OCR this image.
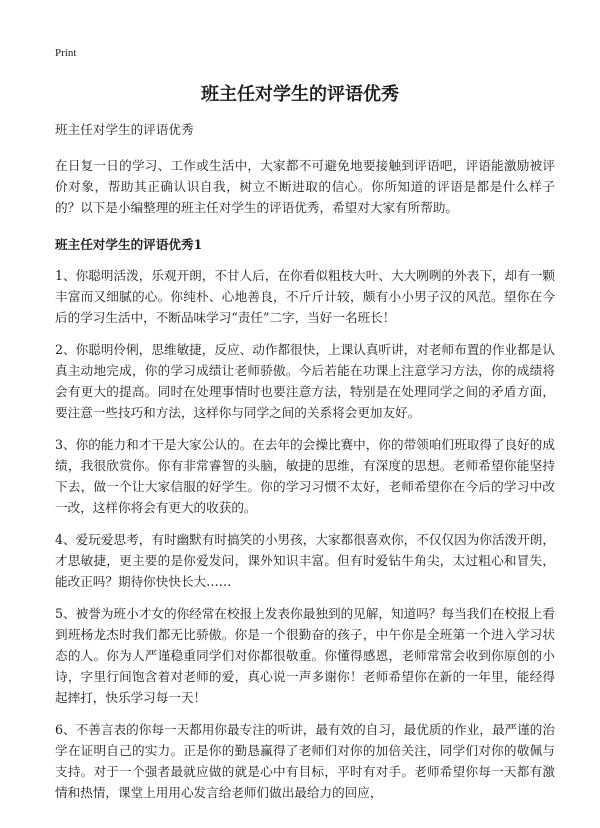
Print
班主任对学生的评语优秀

班主任对学生的评语优秀

在日复一日的学习、工作或生活中，大家都不可避免地要接触到评语吧，评语能激励被评价对象，帮助其正确认识自我，树立不断进取的信心。你所知道的评语是都是什么样子的？以下是小编整理的班主任对学生的评语优秀，希望对大家有所帮助。

班主任对学生的评语优秀1

1、你聪明活泼，乐观开朗，不甘人后，在你看似粗枝大叶、大大咧咧的外表下，却有一颗丰富而又细腻的心。你纯朴、心地善良，不斤斤计较，颇有小小男子汉的风范。望你在今后的学习生活中，不断品味学习“责任”二字，当好一名班长！

2、你聪明伶俐，思维敏捷，反应、动作都很快，上课认真听讲，对老师布置的作业都是认真主动地完成，你的学习成绩让老师骄傲。今后若能在功课上注意学习方法，你的成绩将会有更大的提高。同时在处理事情时也要注意方法，特别是在处理同学之间的矛盾方面，要注意一些技巧和方法，这样你与同学之间的关系将会更加友好。

3、你的能力和才干是大家公认的。在去年的会操比赛中，你的带领咱们班取得了良好的成绩，我很欣赏你。你有非常睿智的头脑，敏捷的思维，有深度的思想。老师希望你能坚持下去，做一个让大家信服的好学生。你的学习习惯不太好，老师希望你在今后的学习中改一改，这样你将会有更大的收获的。

4、爱玩爱思考，有时幽默有时搞笑的小男孩，大家都很喜欢你，不仅仅因为你活泼开朗，才思敏捷，更主要的是你爱发问，课外知识丰富。但有时爱钻牛角尖，太过粗心和冒失，能改正吗？期待你快快长大……

5、被誉为班小才女的你经常在校报上发表你最独到的见解，知道吗？每当我们在校报上看到班杨龙杰时我们都无比骄傲。你是一个很勤奋的孩子，中午你是全班第一个进入学习状态的人。你为人严谨稳重同学们对你都很敬重。你懂得感恩，老师常常会收到你原创的小诗，字里行间饱含着对老师的爱，真心说一声多谢你！老师希望你在新的一年里，能经得起摔打，快乐学习每一天！

6、不善言表的你每一天都用你最专注的听讲，最有效的自习，最优质的作业，最严谨的治学在证明自己的实力。正是你的勤恳赢得了老师们对你的加倍关注，同学们对你的敬佩与支持。对于一个强者最就应做的就是心中有目标，平时有对手。老师希望你每一天都有激情和热情，课堂上用用心发言给老师们做出最给力的回应，
